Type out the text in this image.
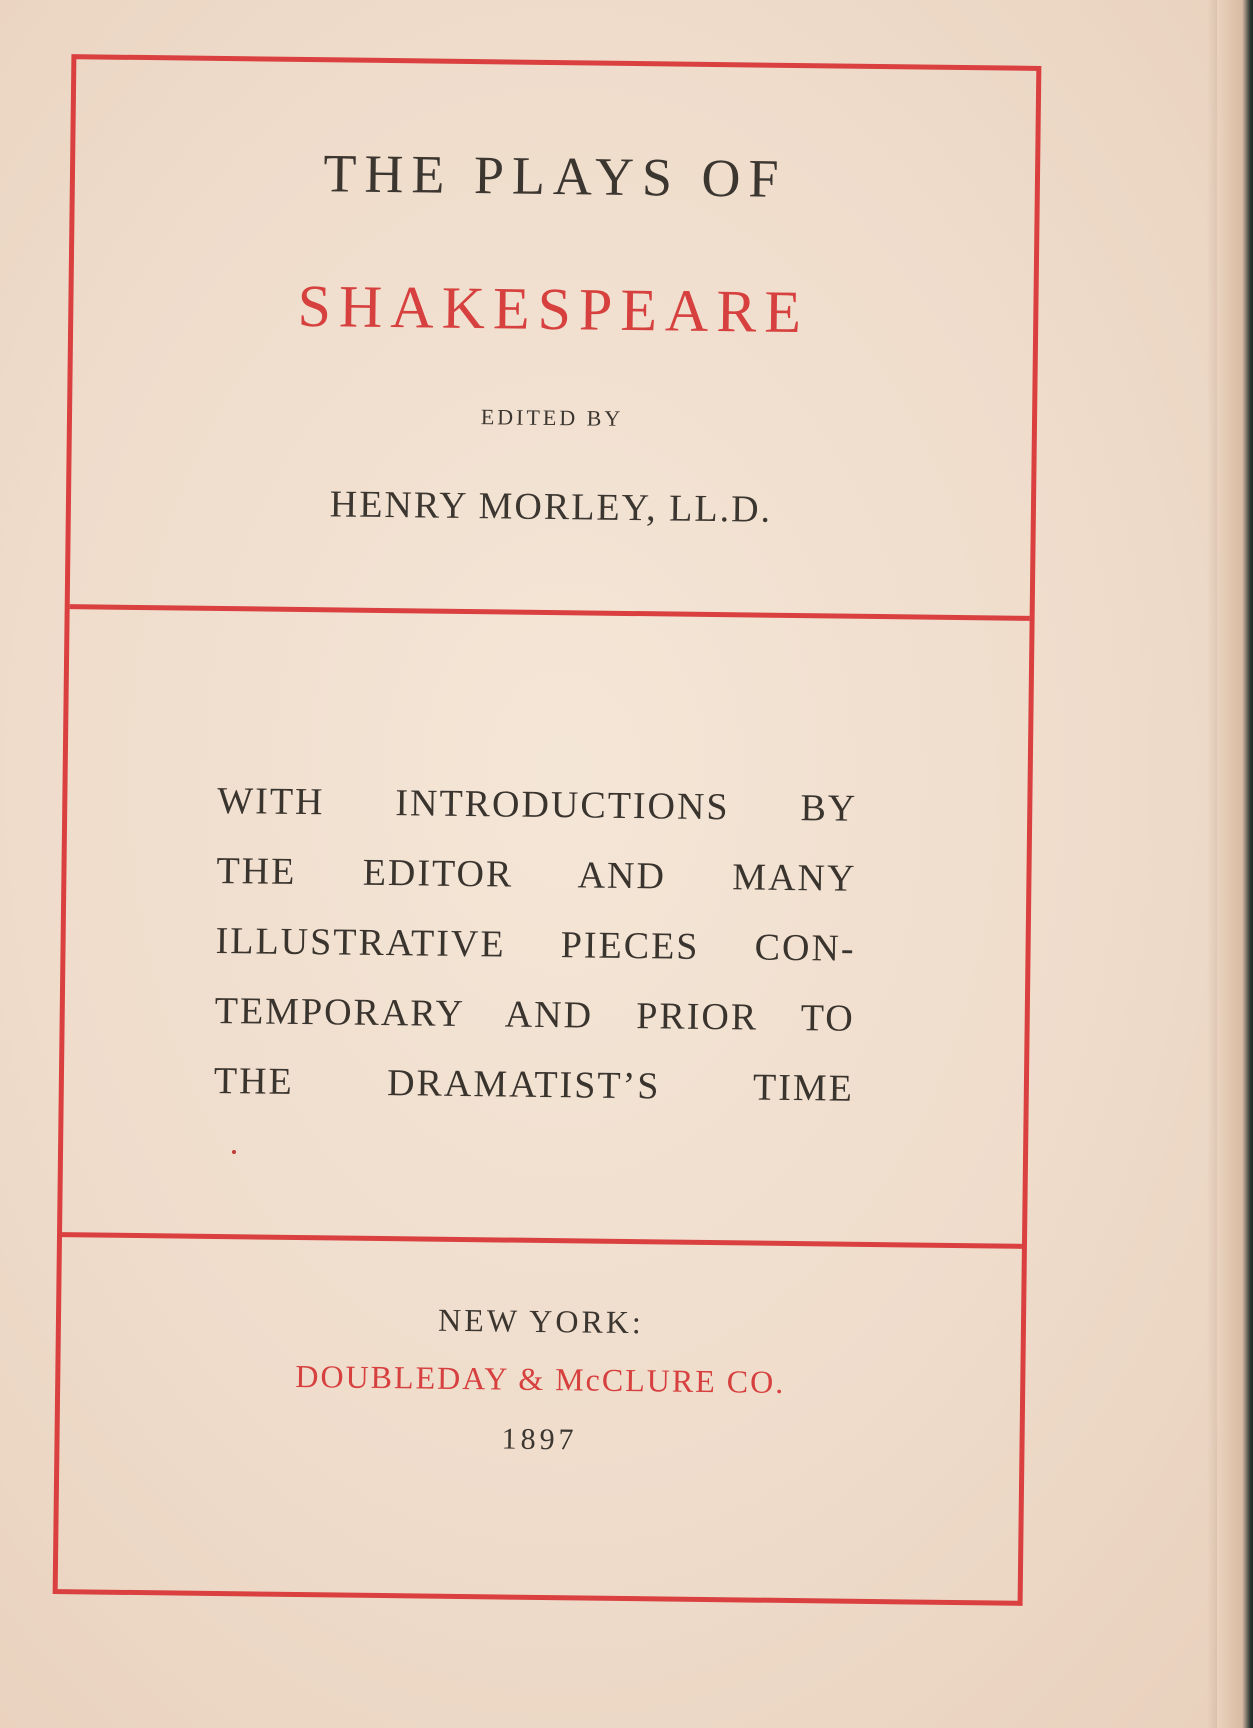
THE PLAYS OF
SHAKESPEARE
EDITED BY
HENRY MORLEY, LL.D.
WITH INTRODUCTIONS BY
THE EDITOR AND MANY
ILLUSTRATIVE PIECES CON-
TEMPORARY AND PRIOR TO
THE DRAMATIST’S TIME
NEW YORK:
DOUBLEDAY & McCLURE CO.
1897
